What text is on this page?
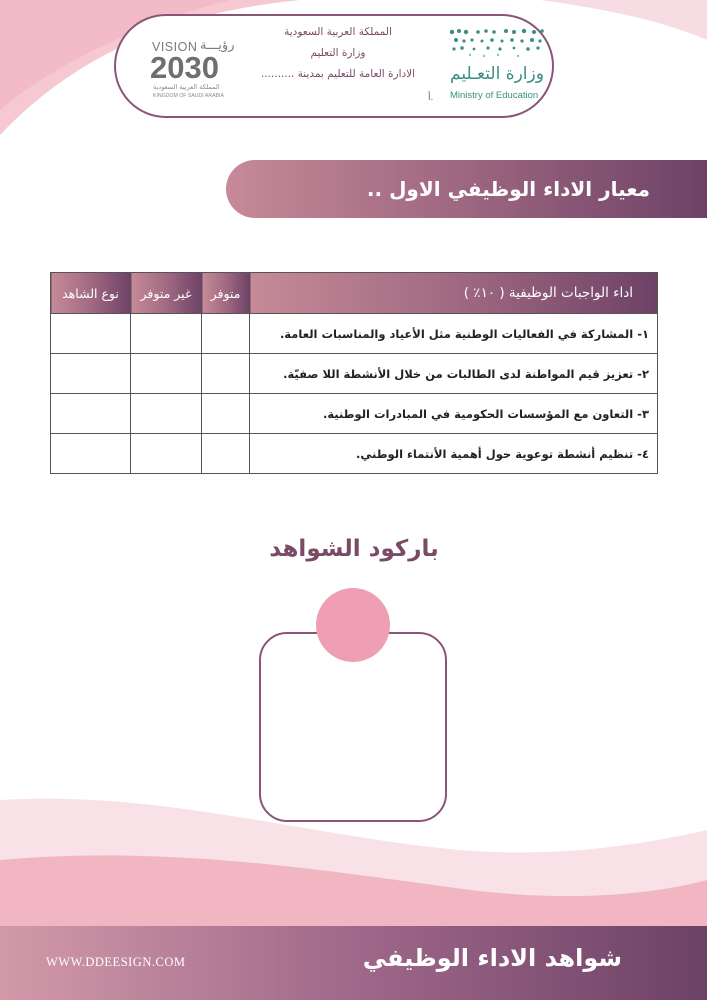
VISION رؤيـــة
2030
المملكة العربية السعودية
KINGDOM OF SAUDI ARABIA
المملكة العربية السعودية
وزارة التعليم
الادارة العامة للتعليم بمدينة ..........
أ.
وزارة التعـليم
Ministry of Education
معيار الاداء الوظيفي الاول ..
نوع الشاهد	غير متوفر	متوفر	اداء الواجبات الوظيفية ( ١٠٪ )
			١- المشاركة في الفعاليات الوطنية مثل الأعياد والمناسبات العامة.
			٢- تعزيز قيم المواطنة لدى الطالبات من خلال الأنشطة اللا صفيّة.
			٣- التعاون مع المؤسسات الحكومية في المبادرات الوطنية.
			٤- تنظيم أنشطة توعوية حول أهمية الأنتماء الوطني.
باركود الشواهد
WWW.DDEESIGN.COM	شواهد الاداء الوظيفي
